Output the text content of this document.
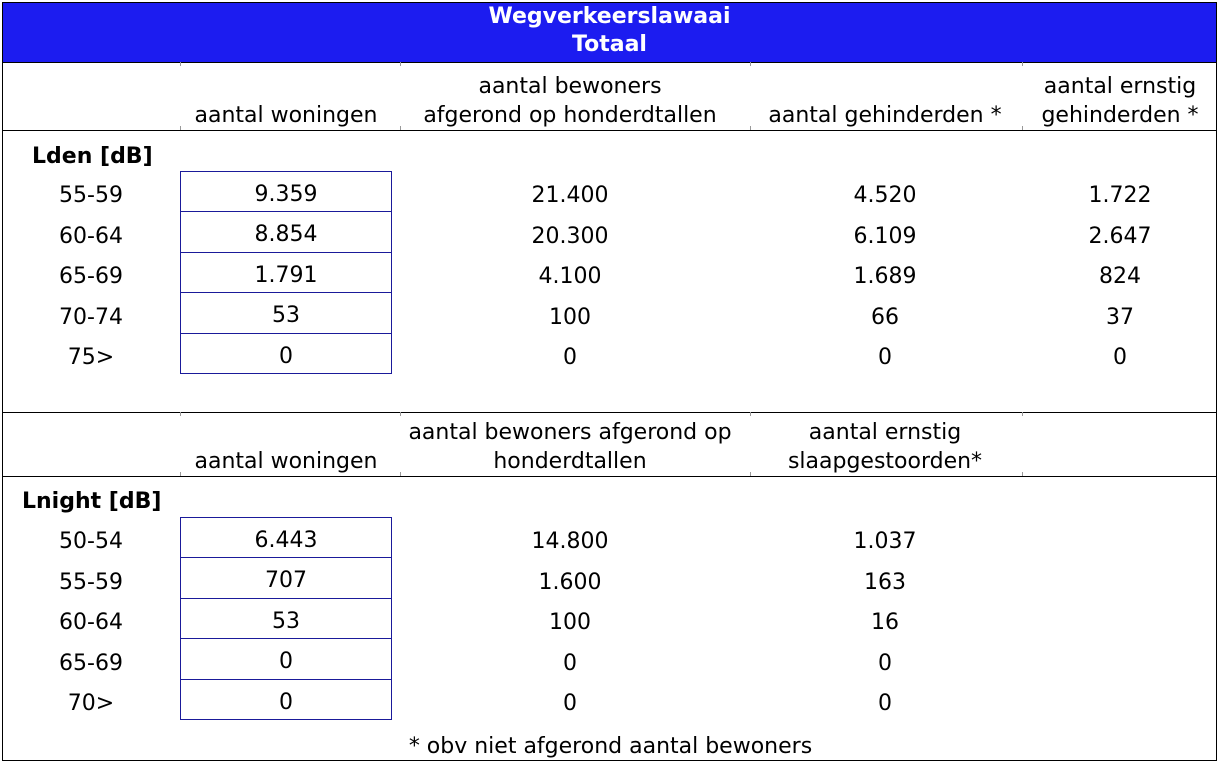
Wegverkeerslawaai
Totaal
aantal woningen
aantal bewoners
afgerond op honderdtallen	aantal gehinderden *
aantal ernstig
gehinderden *
Lden [dB]
55-59
60-64
65-69
70-74
75>
9.359
8.854
1.791
53
0
21.400
20.300
4.100
100
0
4.520
6.109
1.689
66
0
1.722
2.647
824
37
0
aantal woningen
aantal bewoners afgerond op
honderdtallen
aantal ernstig
slaapgestoorden*
Lnight [dB]
50-54
55-59
60-64
65-69
70>
6.443
707
53
0
0
14.800
1.600
100
0
0
1.037
163
16
0
0
* obv niet afgerond aantal bewoners
